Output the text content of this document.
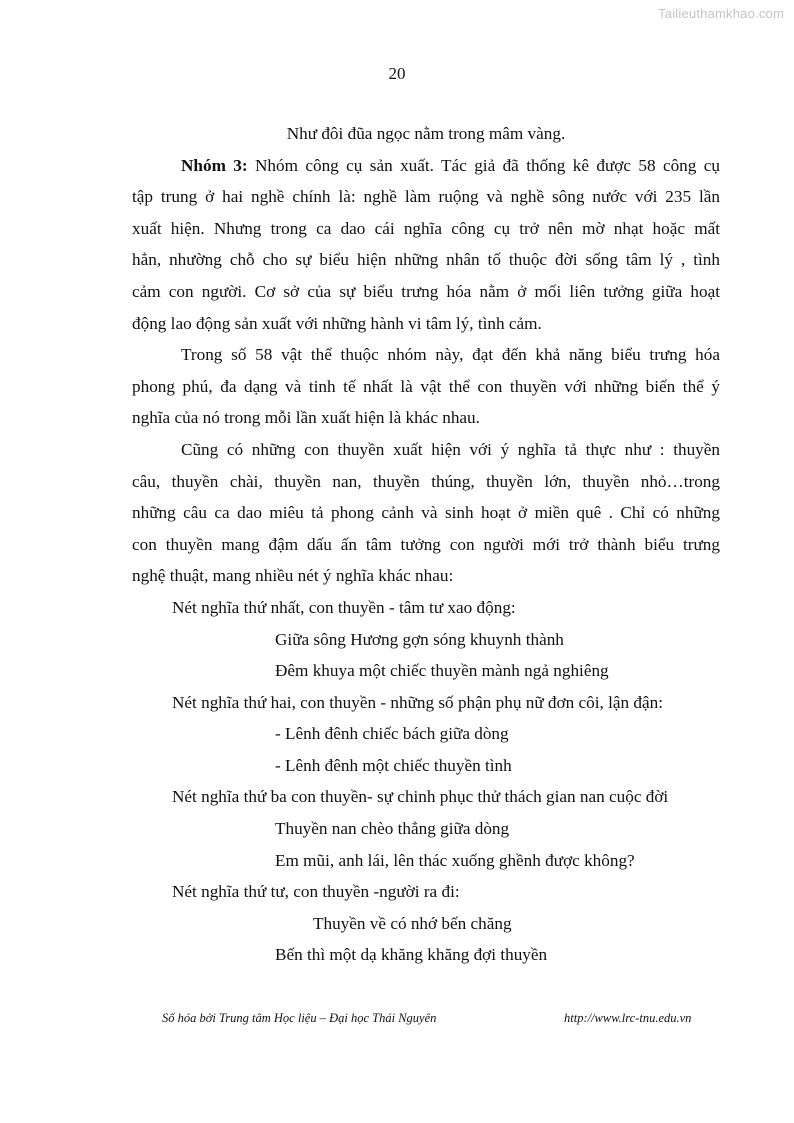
Tailieuthamkhao.com
20
Như đôi đũa ngọc nằm trong mâm vàng.
Nhóm 3: Nhóm công cụ sản xuất. Tác giả đã thống kê được 58 công cụ
tập trung ở hai nghề chính là: nghề làm ruộng và nghề sông nước với 235 lần
xuất hiện. Nhưng trong ca dao cái nghĩa công cụ trở nên mờ nhạt hoặc mất
hẳn, nhường chỗ cho sự biểu hiện những nhân tố thuộc đời sống tâm lý , tình
cảm con người. Cơ sở của sự biểu trưng hóa nằm ở mối liên tưởng giữa hoạt
động lao động sản xuất với những hành vi tâm lý, tình cảm.
Trong số 58 vật thể thuộc nhóm này, đạt đến khả năng biểu trưng hóa
phong phú, đa dạng và tinh tế nhất là vật thể con thuyền với những biến thể ý
nghĩa của nó trong mỗi lần xuất hiện là khác nhau.
Cũng có những con thuyền xuất hiện với ý nghĩa tả thực như : thuyền
câu, thuyền chài, thuyền nan, thuyền thúng, thuyền lớn, thuyền nhỏ…trong
những câu ca dao miêu tả phong cảnh và sinh hoạt ở miền quê . Chỉ có những
con thuyền mang đậm dấu ấn tâm tưởng con người mới trở thành biểu trưng
nghệ thuật, mang nhiều nét ý nghĩa khác nhau:
Nét nghĩa thứ nhất, con thuyền - tâm tư xao động:
Giữa sông Hương gợn sóng khuynh thành
Đêm khuya một chiếc thuyền mành ngả nghiêng
Nét nghĩa thứ hai, con thuyền - những số phận phụ nữ đơn côi, lận đận:
- Lênh đênh chiếc bách giữa dòng
- Lênh đênh một chiếc thuyền tình
Nét nghĩa thứ ba con thuyền- sự chinh phục thử thách gian nan cuộc đời
Thuyền nan chèo thẳng giữa dòng
Em mũi, anh lái, lên thác xuống ghềnh được không?
Nét nghĩa thứ tư, con thuyền -người ra đi:
Thuyền về có nhớ bến chăng
Bến thì một dạ khăng khăng đợi thuyền
Số hóa bởi Trung tâm Học liệu – Đại học Thái Nguyên	http://www.lrc-tnu.edu.vn
